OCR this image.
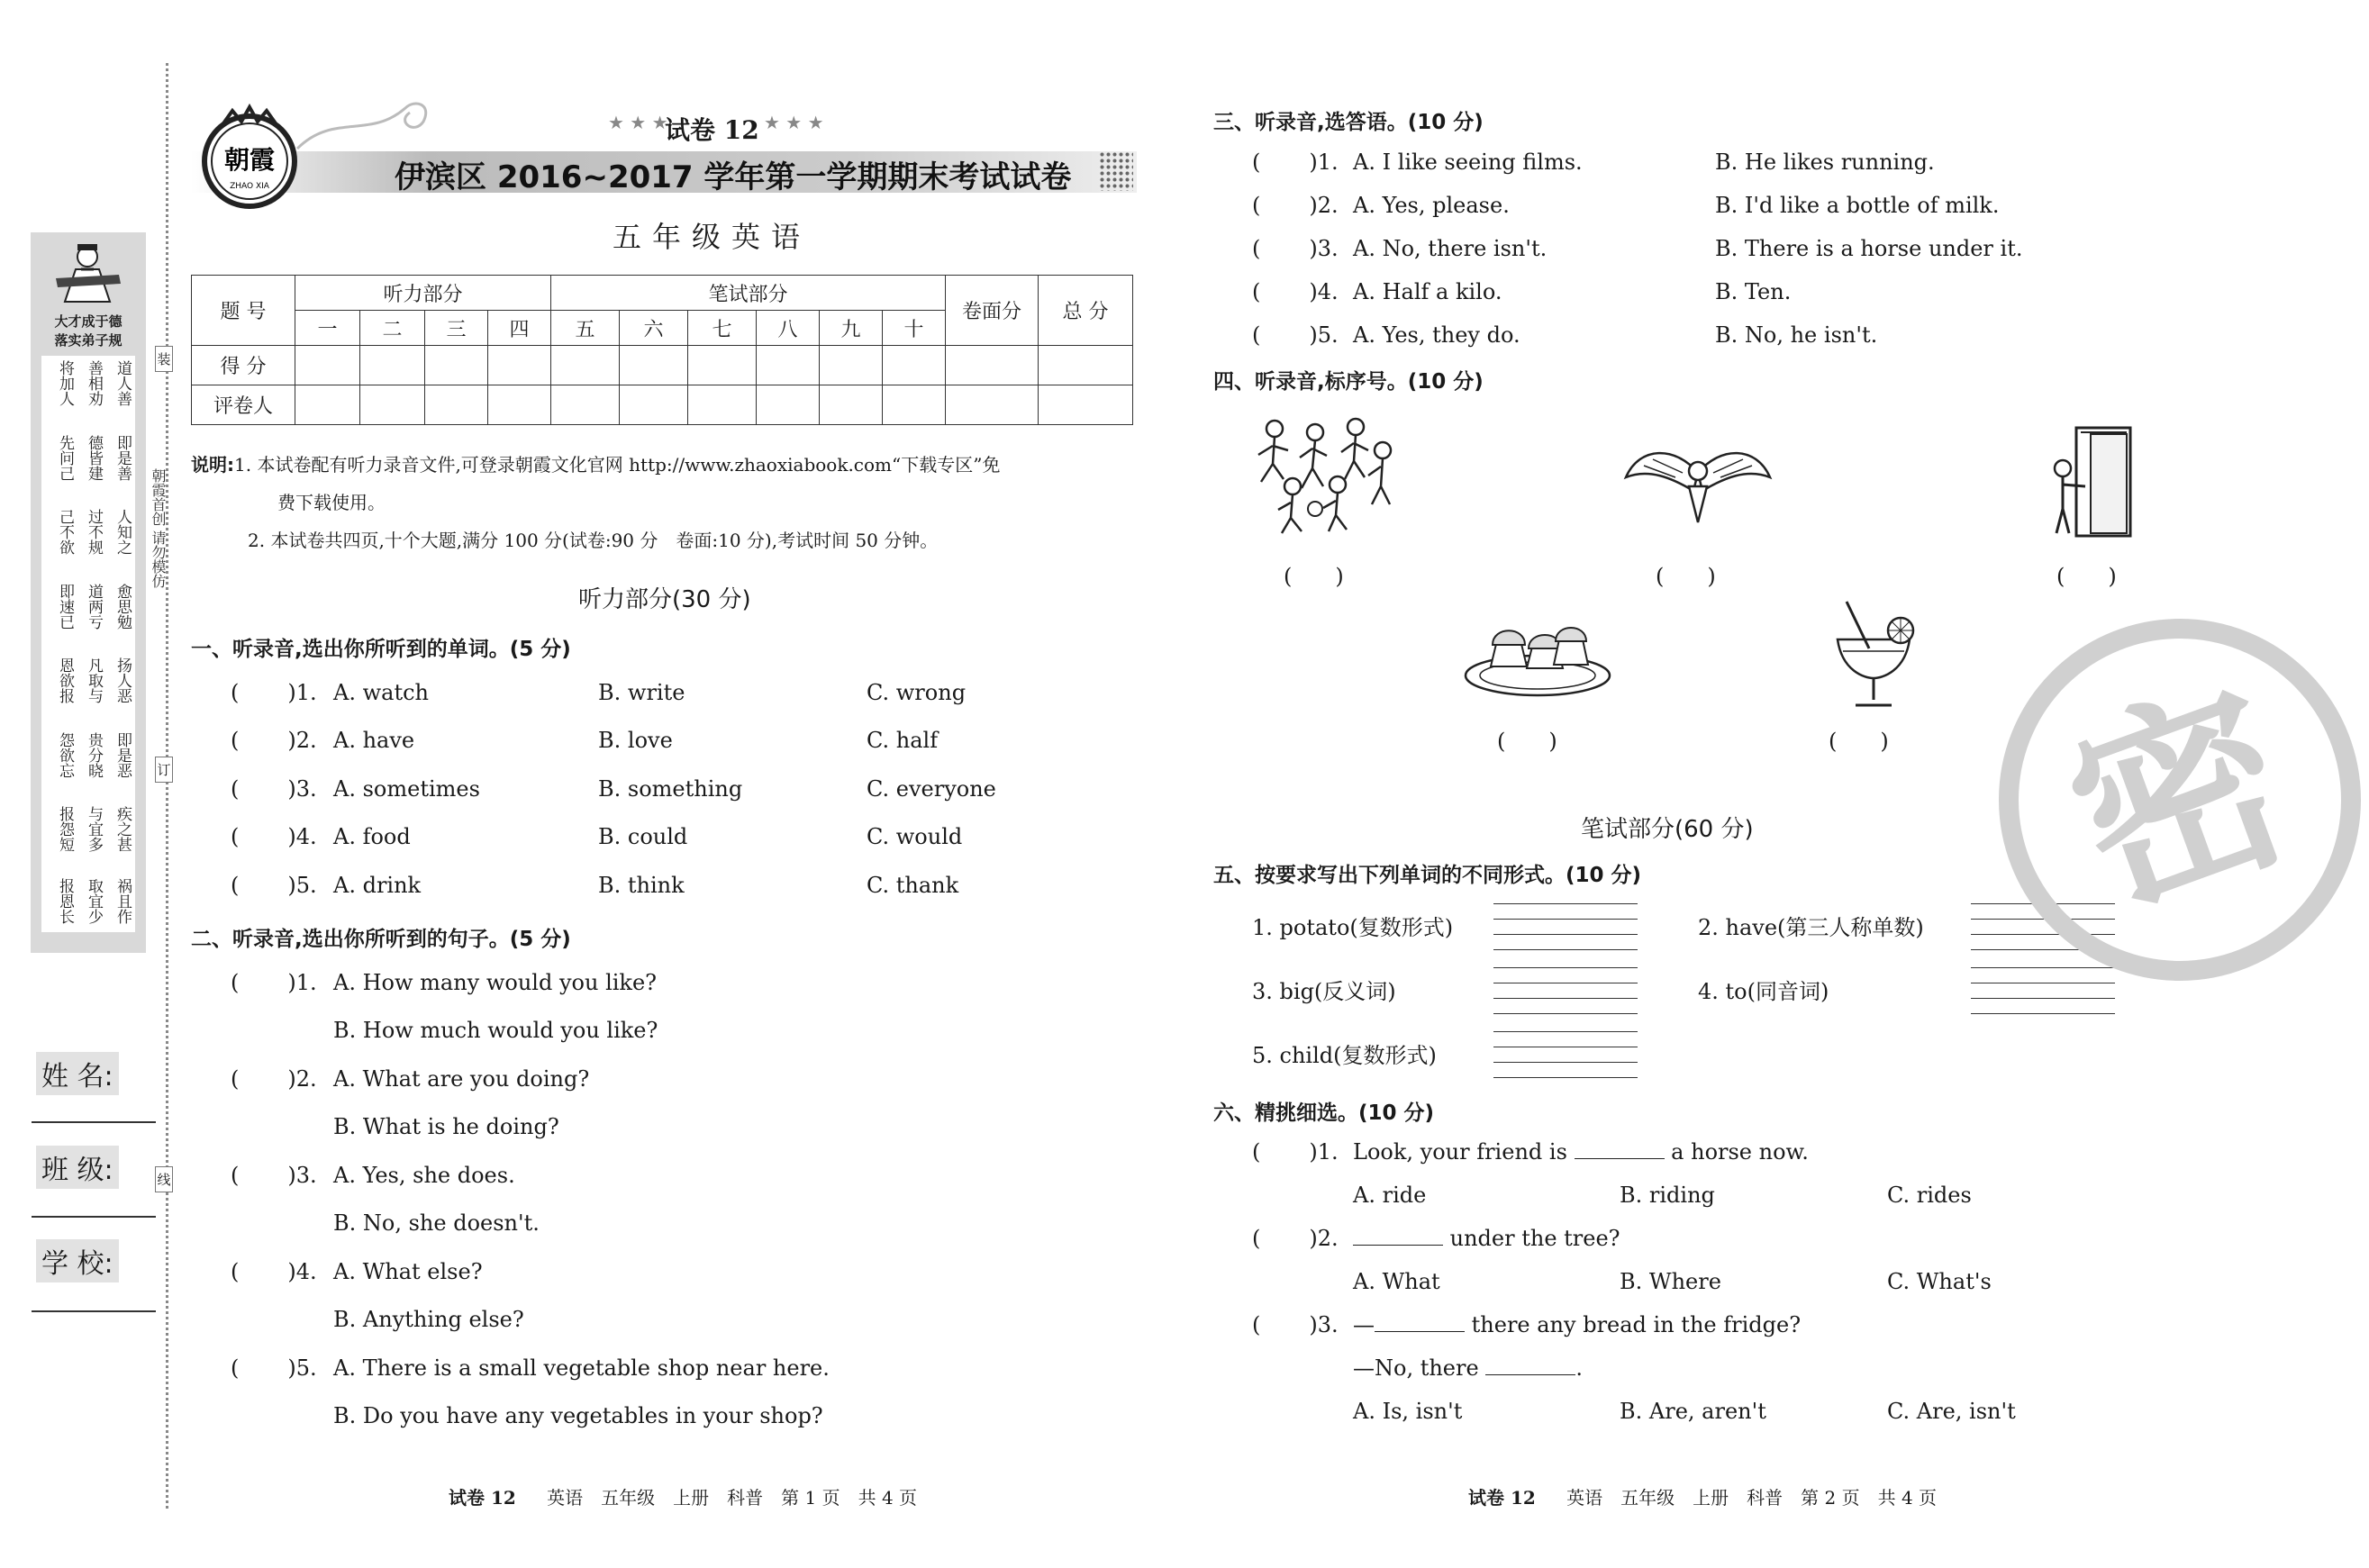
大才成于德
落实弟子规
道人善
即是善
人知之
愈思勉
扬人恶
即是恶
疾之甚
祸且作
善相劝
德皆建
过不规
道两亏
凡取与
贵分晓
与宜多
取宜少
将加人
先问己
己不欲
即速已
恩欲报
怨欲忘
报怨短
报恩长
装
订
线
朝霞首创 请勿模仿
姓 名:
班 级:
学 校:
朝霞
ZHAO XIA
★ ★ ★
试卷 12 ★ ★ ★
伊滨区 2016~2017 学年第一学期期末考试试卷
五年级英语
题 号	听力部分				笔试部分						卷面分	总 分
	一	二	三	四	五	六	七	八	九	十		
得 分												
评卷人												
说明:1. 本试卷配有听力录音文件,可登录朝霞文化官网 http://www.zhaoxiabook.com“下载专区”免
费下载使用。
2. 本试卷共四页,十个大题,满分 100 分(试卷:90 分　卷面:10 分),考试时间 50 分钟。
听力部分(30 分)
一、听录音,选出你所听到的单词。(5 分)
( )1. A. watch	B. write	C. wrong
( )2. A. have	B. love	C. half
( )3. A. sometimes	B. something	C. everyone
( )4. A. food	B. could	C. would
( )5. A. drink	B. think	C. thank
二、听录音,选出你所听到的句子。(5 分)
( )1. A. How many would you like?
B. How much would you like?
( )2. A. What are you doing?
B. What is he doing?
( )3. A. Yes, she does.
B. No, she doesn't.
( )4. A. What else?
B. Anything else?
( )5. A. There is a small vegetable shop near here.
B. Do you have any vegetables in your shop?
试卷 12 英语　五年级　上册　科普　第 1 页　共 4 页
三、听录音,选答语。(10 分)
( )1. A. I like seeing films.	B. He likes running.
( )2. A. Yes, please.	B. I'd like a bottle of milk.
( )3. A. No, there isn't.	B. There is a horse under it.
( )4. A. Half a kilo.	B. Ten.
( )5. A. Yes, they do.	B. No, he isn't.
四、听录音,标序号。(10 分)
(　　)	(　　)	(　　)
(　　)	(　　)
笔试部分(60 分)
五、按要求写出下列单词的不同形式。(10 分)
1. potato(复数形式)	2. have(第三人称单数)
3. big(反义词)	4. to(同音词)
5. child(复数形式)
六、精挑细选。(10 分)
( )1. Look, your friend is	a horse now.
A. ride	B. riding	C. rides
( )2.	under the tree?
A. What	B. Where	C. What's
( )3. —	there any bread in the fridge?
—No, there	.
A. Is, isn't	B. Are, aren't	C. Are, isn't
密
试卷 12 英语　五年级　上册　科普　第 2 页　共 4 页
